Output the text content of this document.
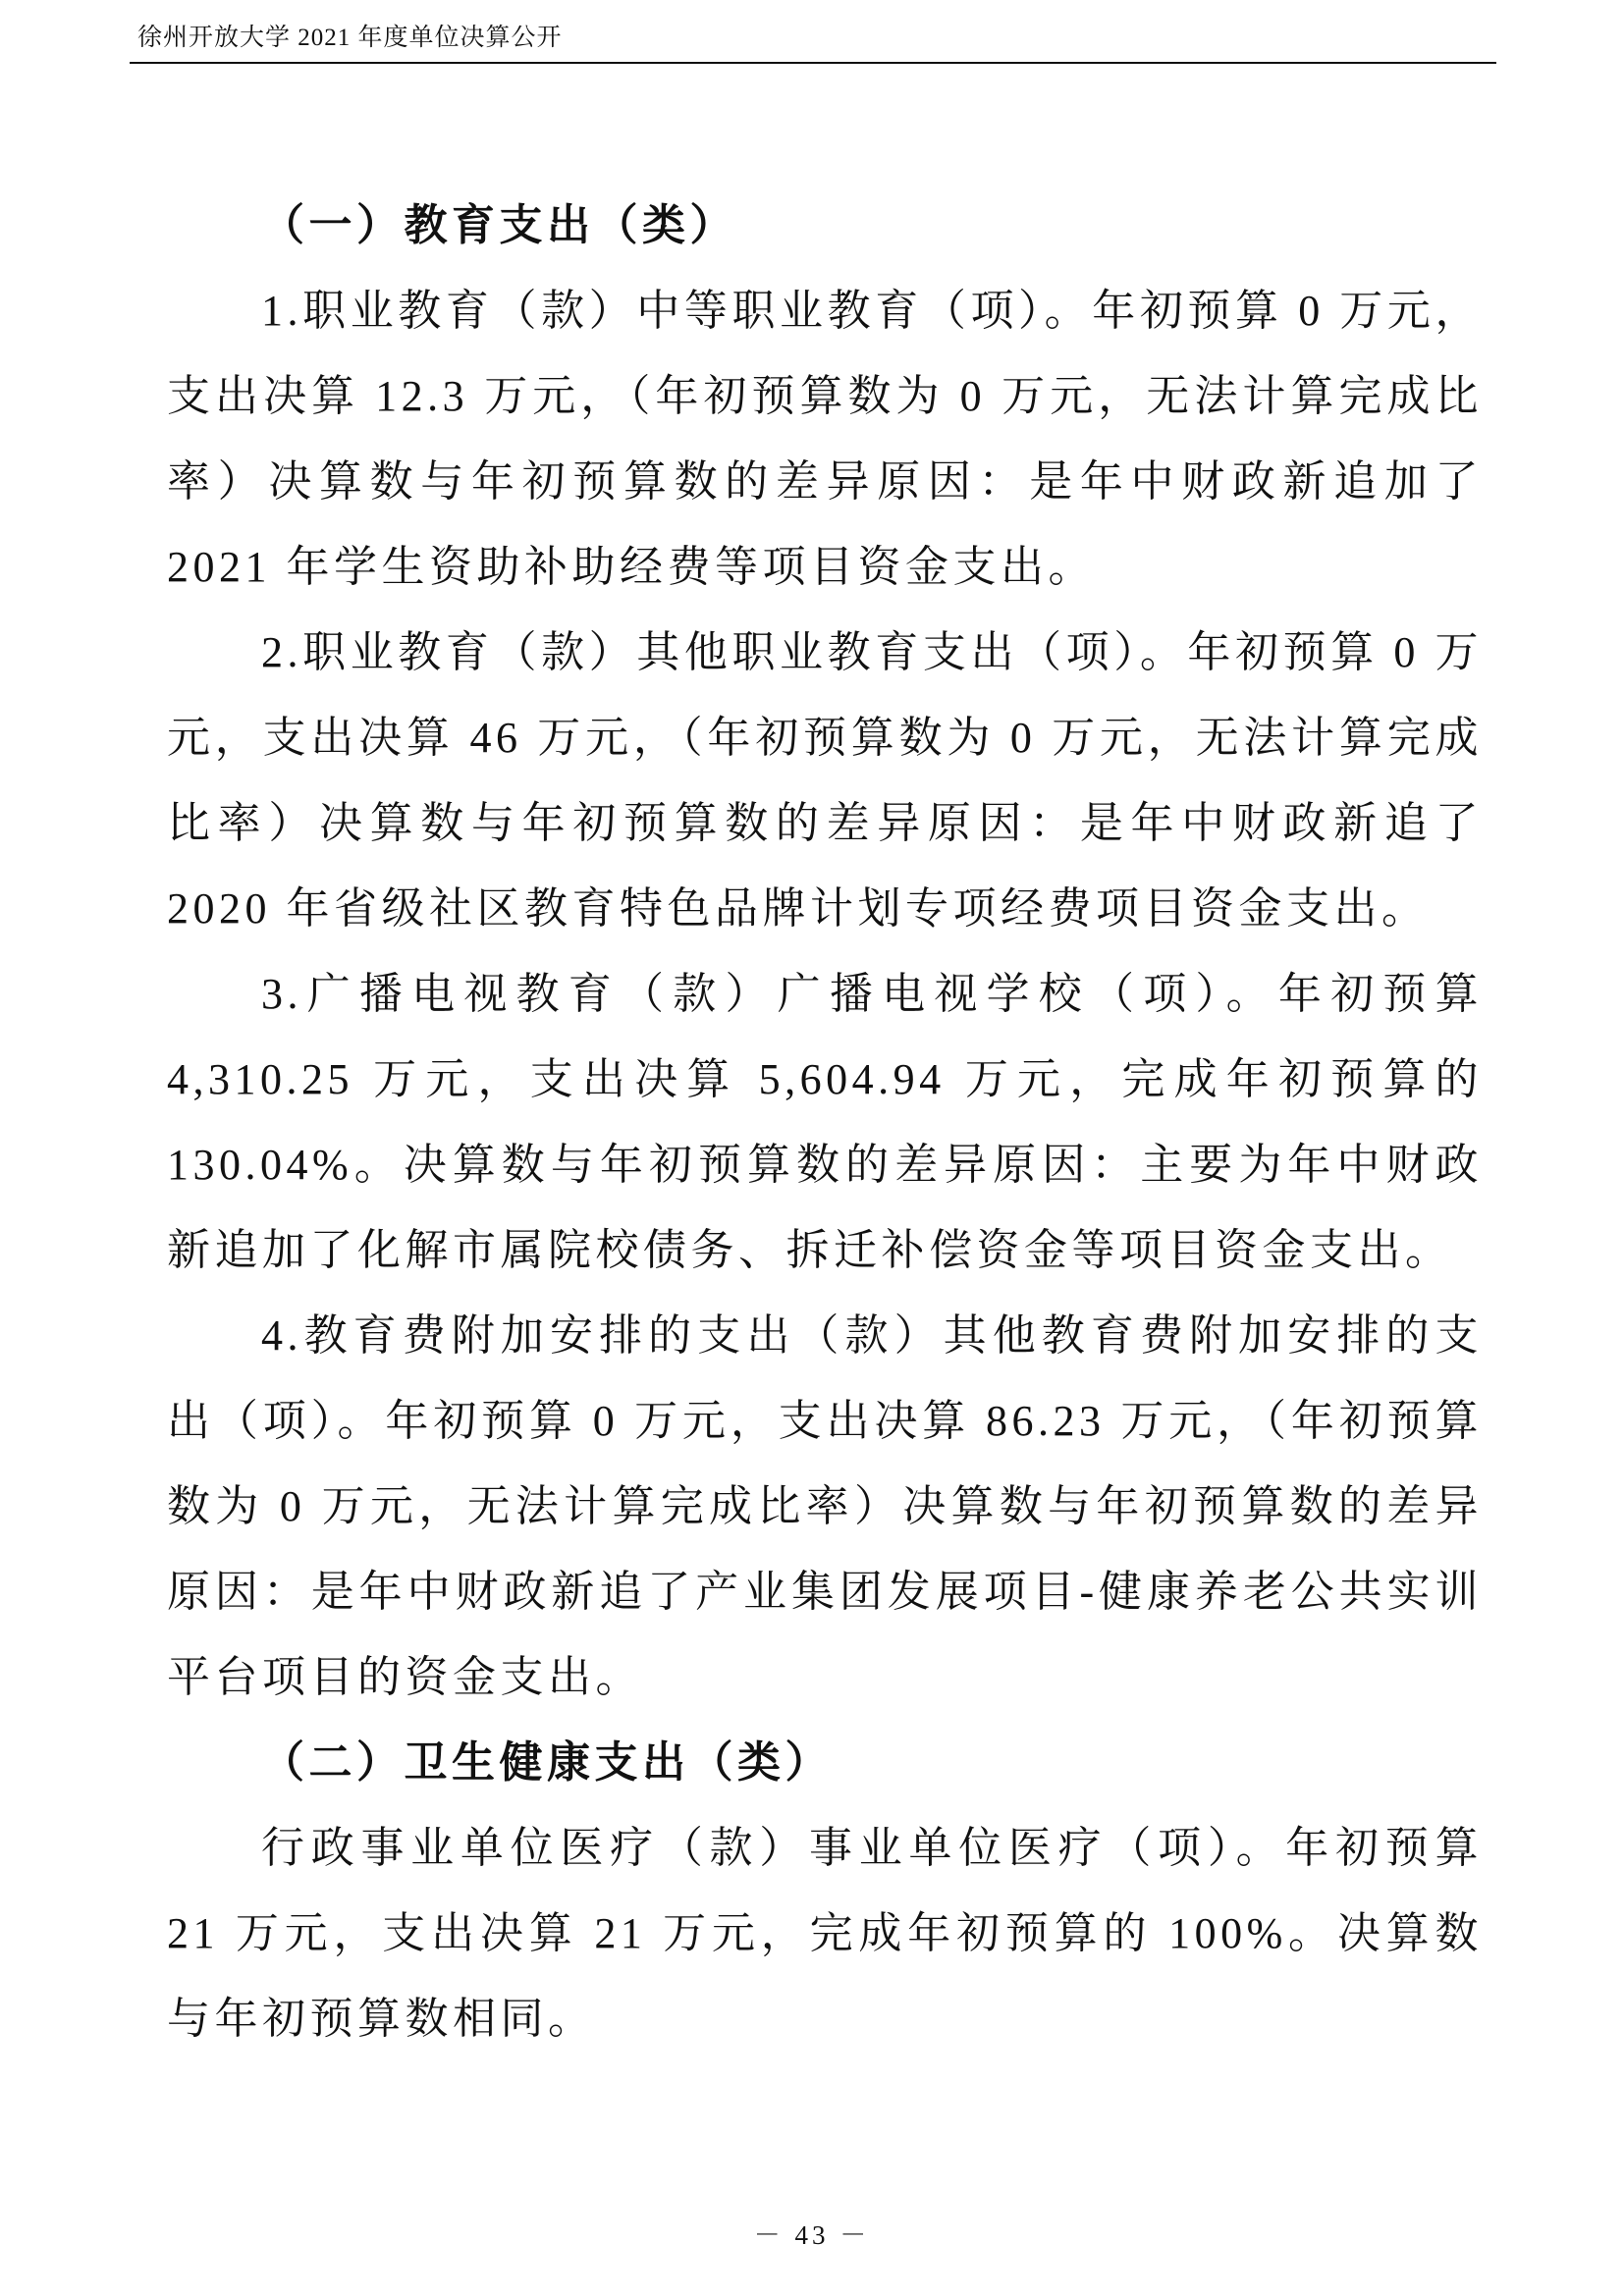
徐州开放大学 2021 年度单位决算公开
（一）教育支出（类）

1.职业教育（款）中等职业教育（项）。年初预算 0 万元，支出决算 12.3 万元，（年初预算数为 0 万元，无法计算完成比率）决算数与年初预算数的差异原因：是年中财政新追加了 2021 年学生资助补助经费等项目资金支出。

2.职业教育（款）其他职业教育支出（项）。年初预算 0 万元，支出决算 46 万元，（年初预算数为 0 万元，无法计算完成比率）决算数与年初预算数的差异原因：是年中财政新追了 2020 年省级社区教育特色品牌计划专项经费项目资金支出。

3.广播电视教育（款）广播电视学校（项）。年初预算 4,310.25 万元，支出决算 5,604.94 万元，完成年初预算的 130.04%。决算数与年初预算数的差异原因：主要为年中财政新追加了化解市属院校债务、拆迁补偿资金等项目资金支出。

4.教育费附加安排的支出（款）其他教育费附加安排的支出（项）。年初预算 0 万元，支出决算 86.23 万元，（年初预算数为 0 万元，无法计算完成比率）决算数与年初预算数的差异原因：是年中财政新追了产业集团发展项目-健康养老公共实训平台项目的资金支出。

（二）卫生健康支出（类）

行政事业单位医疗（款）事业单位医疗（项）。年初预算 21 万元，支出决算 21 万元，完成年初预算的 100%。决算数与年初预算数相同。

－ 43 －
